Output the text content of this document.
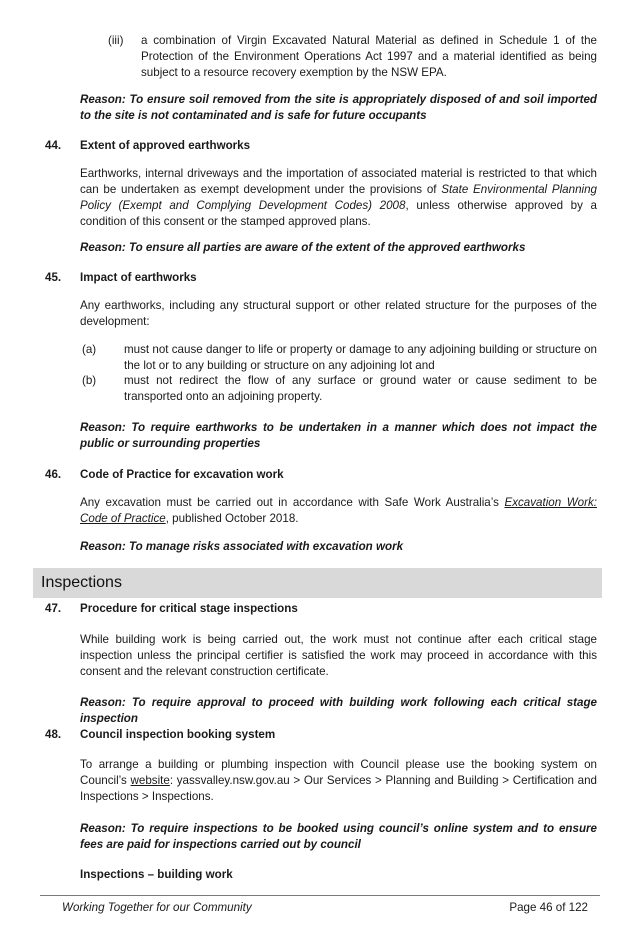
(iii) a combination of Virgin Excavated Natural Material as defined in Schedule 1 of the Protection of the Environment Operations Act 1997 and a material identified as being subject to a resource recovery exemption by the NSW EPA.
Reason: To ensure soil removed from the site is appropriately disposed of and soil imported to the site is not contaminated and is safe for future occupants
44. Extent of approved earthworks
Earthworks, internal driveways and the importation of associated material is restricted to that which can be undertaken as exempt development under the provisions of State Environmental Planning Policy (Exempt and Complying Development Codes) 2008, unless otherwise approved by a condition of this consent or the stamped approved plans.
Reason: To ensure all parties are aware of the extent of the approved earthworks
45. Impact of earthworks
Any earthworks, including any structural support or other related structure for the purposes of the development:
(a) must not cause danger to life or property or damage to any adjoining building or structure on the lot or to any building or structure on any adjoining lot and
(b) must not redirect the flow of any surface or ground water or cause sediment to be transported onto an adjoining property.
Reason: To require earthworks to be undertaken in a manner which does not impact the public or surrounding properties
46. Code of Practice for excavation work
Any excavation must be carried out in accordance with Safe Work Australia’s Excavation Work: Code of Practice, published October 2018.
Reason: To manage risks associated with excavation work
Inspections
47. Procedure for critical stage inspections
While building work is being carried out, the work must not continue after each critical stage inspection unless the principal certifier is satisfied the work may proceed in accordance with this consent and the relevant construction certificate.
Reason: To require approval to proceed with building work following each critical stage inspection
48. Council inspection booking system
To arrange a building or plumbing inspection with Council please use the booking system on Council’s website: yassvalley.nsw.gov.au > Our Services > Planning and Building > Certification and Inspections > Inspections.
Reason: To require inspections to be booked using council’s online system and to ensure fees are paid for inspections carried out by council
Inspections – building work
Working Together for our Community	Page 46 of 122
